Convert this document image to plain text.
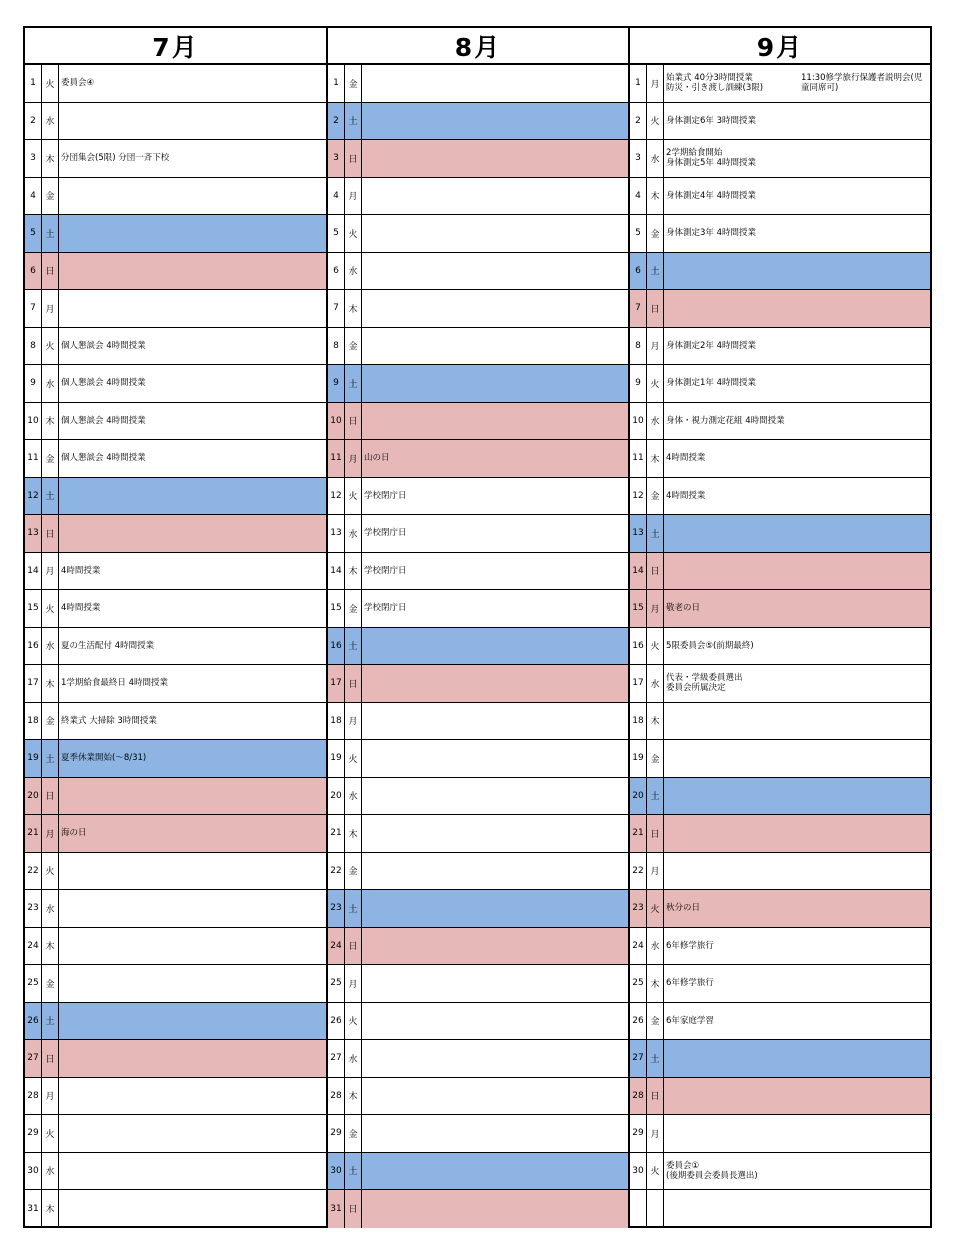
7月
1	火 委員会④
2	水
3	木 分団集会(5限) 分団一斉下校
4	金
5	土
6	日
7	月
8	火 個人懇談会 4時間授業
9	水 個人懇談会 4時間授業
10 木 個人懇談会 4時間授業
11 金 個人懇談会 4時間授業
12 土
13 日
14 月 4時間授業
15 火 4時間授業
16 水 夏の生活配付 4時間授業
17 木 1学期給食最終日 4時間授業
18 金 終業式 大掃除 3時間授業
19 土 夏季休業開始(～8/31)
20 日
21 月 海の日
22 火
23 水
24 木
25 金
26 土
27 日
28 月
29 火
30 水
31 木
8月
1	金
2	土
3	日
4	月
5	火
6	水
7	木
8	金
9	土
10 日
11 月 山の日
12 火 学校閉庁日
13 水 学校閉庁日
14 木 学校閉庁日
15 金 学校閉庁日
16 土
17 日
18 月
19 火
20 水
21 木
22 金
23 土
24 日
25 月
26 火
27 水
28 木
29 金
30 土
31 日
9月
1	月
始業式 40分3時間授業
防災・引き渡し訓練(3限)
11:30修学旅行保護者説明会(児
童同席可)
2	火 身体測定6年 3時間授業
3	水
2学期給食開始
身体測定5年 4時間授業
4	木 身体測定4年 4時間授業
5	金 身体測定3年 4時間授業
6	土
7	日
8	月 身体測定2年 4時間授業
9	火 身体測定1年 4時間授業
10 水 身体・視力測定花組 4時間授業
11 木 4時間授業
12 金 4時間授業
13 土
14 日
15 月 敬老の日
16 火 5限委員会⑤(前期最終)
17 水
代表・学級委員選出
委員会所属決定
18 木
19 金
20 土
21 日
22 月
23 火 秋分の日
24 水 6年修学旅行
25 木 6年修学旅行
26 金 6年家庭学習
27 土
28 日
29 月
30 火
委員会①
(後期委員会委員長選出)
